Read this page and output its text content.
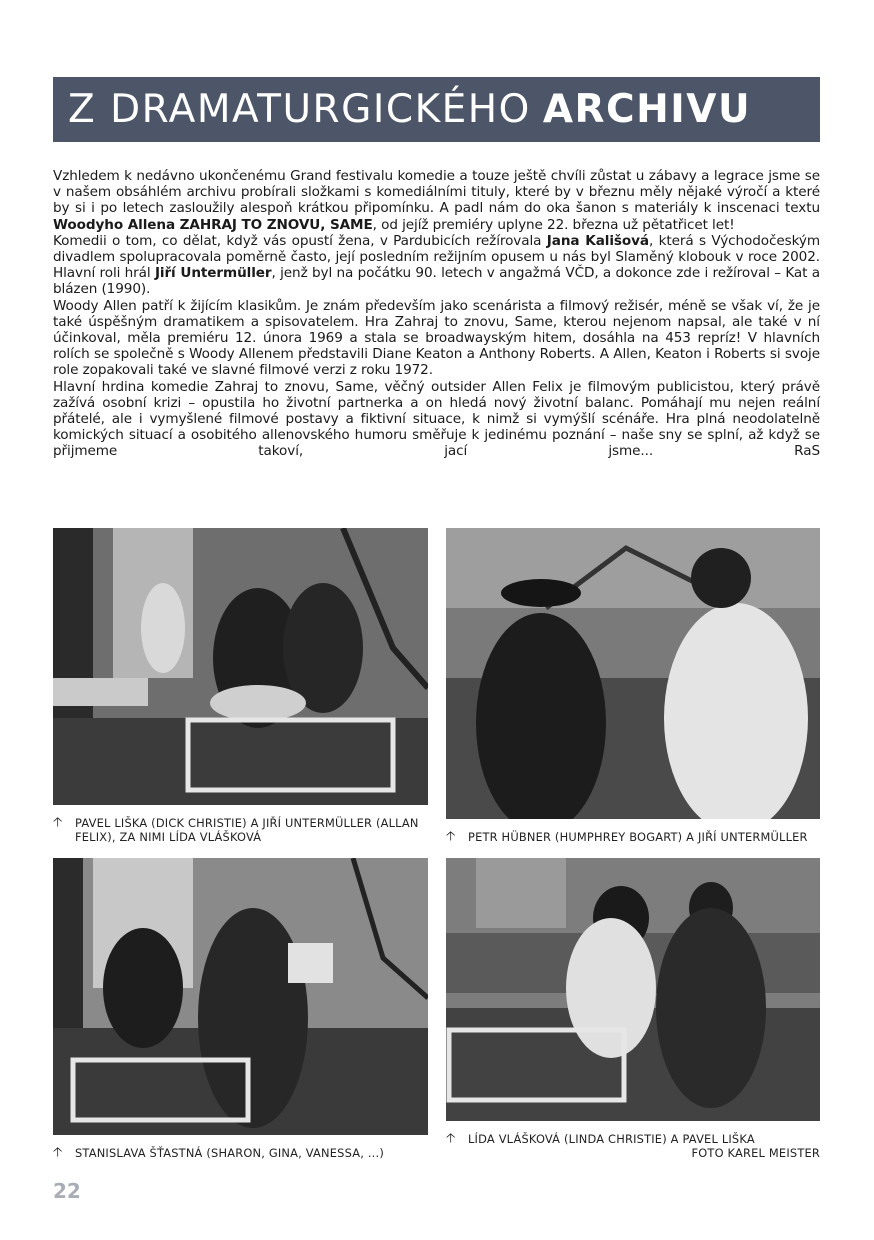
Z DRAMATURGICKÉHO ARCHIVU

Vzhledem k nedávno ukončenému Grand festivalu komedie a touze ještě chvíli zůstat u zábavy a legrace jsme se v našem obsáhlém archivu probírali složkami s komediálními tituly, které by v březnu měly nějaké výročí a které by si i po letech zasloužily alespoň krátkou připomínku. A padl nám do oka šanon s materiály k inscenaci textu Woodyho Allena ZAHRAJ TO ZNOVU, SAME, od jejíž premiéry uplyne 22. března už pětatřicet let!

Komedii o tom, co dělat, když vás opustí žena, v Pardubicích režírovala Jana Kališová, která s Východočeským divadlem spolupracovala poměrně často, její posledním režijním opusem u nás byl Slaměný klobouk v roce 2002. Hlavní roli hrál Jiří Untermüller, jenž byl na počátku 90. letech v angažmá VČD, a dokonce zde i režíroval – Kat a blázen (1990).

Woody Allen patří k žijícím klasikům. Je znám především jako scenárista a filmový režisér, méně se však ví, že je také úspěšným dramatikem a spisovatelem. Hra Zahraj to znovu, Same, kterou nejenom napsal, ale také v ní účinkoval, měla premiéru 12. února 1969 a stala se broadwayským hitem, dosáhla na 453 repríz! V hlavních rolích se společně s Woody Allenem představili Diane Keaton a Anthony Roberts. A Allen, Keaton i Roberts si svoje role zopakovali také ve slavné filmové verzi z roku 1972.

Hlavní hrdina komedie Zahraj to znovu, Same, věčný outsider Allen Felix je filmovým publicistou, který právě zažívá osobní krizi – opustila ho životní partnerka a on hledá nový životní balanc. Pomáhají mu nejen reální přátelé, ale i vymyšlené filmové postavy a fiktivní situace, k nimž si vymýšlí scénáře. Hra plná neodolatelně komických situací a osobitého allenovského humoru směřuje k jedinému poznání – naše sny se splní, až když se přijmeme takoví, jací jsme...	RaS

🡡	PAVEL LIŠKA (DICK CHRISTIE) A JIŘÍ UNTERMÜLLER (ALLAN FELIX), ZA NIMI LÍDA VLÁŠKOVÁ	🡡	PETR HÜBNER (HUMPHREY BOGART) A JIŘÍ UNTERMÜLLER
🡡	STANISLAVA ŠŤASTNÁ (SHARON, GINA, VANESSA, ...)
🡡	LÍDA VLÁŠKOVÁ (LINDA CHRISTIE) A PAVEL LIŠKA

FOTO KAREL MEISTER
22
